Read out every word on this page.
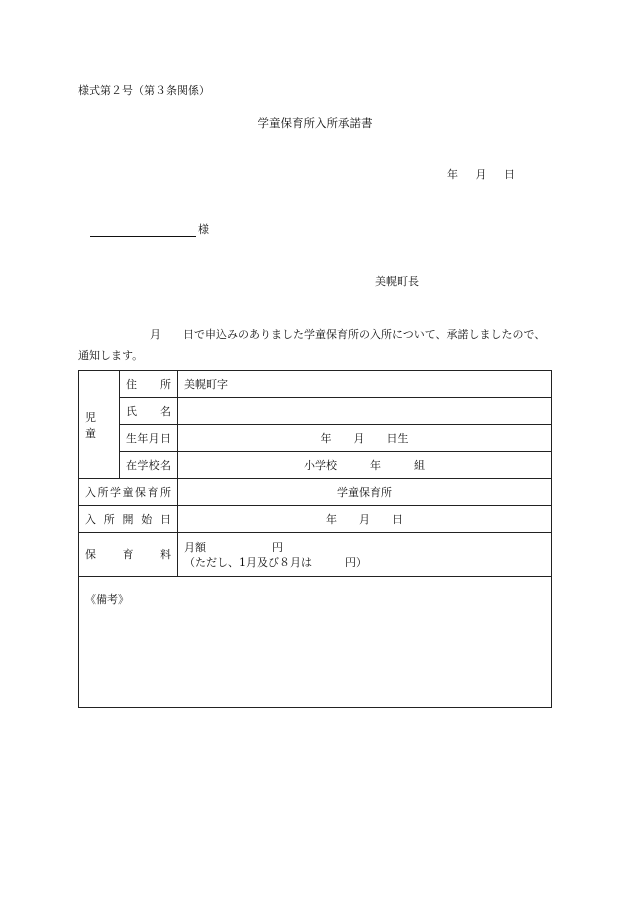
様式第２号（第３条関係）
学童保育所入所承諾書
年 月 日
様
美幌町長
月　　日で申込みのありました学童保育所の入所について、承諾しましたので、通知します。
児　　童	住　　所	美幌町字
	氏　　名	
	生年月日	年　　月　　日生
	在学校名	小学校　　　年　　　組
入所学童保育所		学童保育所
入所開始日		年　　月　　日
保育料		月額　　　　　　円
（ただし、1月及び８月は　　　円）

《備考》		
